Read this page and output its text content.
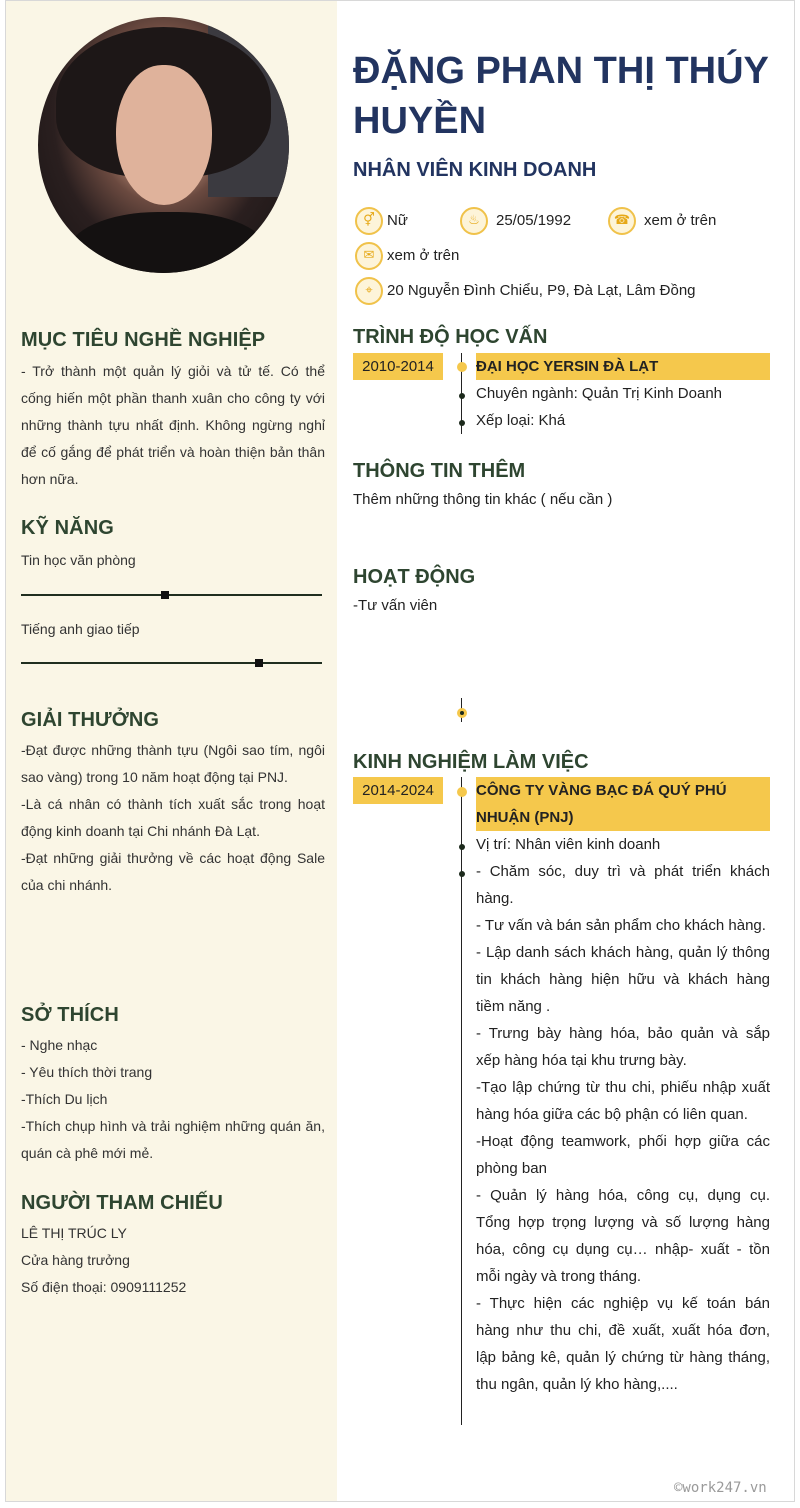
MỤC TIÊU NGHỀ NGHIỆP
- Trở thành một quản lý giỏi và tử tế. Có thể
cống hiến một phần thanh xuân cho công ty với
những thành tựu nhất định. Không ngừng nghỉ
để cố gắng để phát triển và hoàn thiện bản thân
hơn nữa.
KỸ NĂNG
Tin học văn phòng
Tiếng anh giao tiếp
GIẢI THƯỞNG
-Đạt được những thành tựu (Ngôi sao tím, ngôi
sao vàng) trong 10 năm hoạt động tại PNJ.
-Là cá nhân có thành tích xuất sắc trong hoạt
động kinh doanh tại Chi nhánh Đà Lạt.
-Đạt những giải thưởng về các hoạt động Sale
của chi nhánh.
SỞ THÍCH
- Nghe nhạc
- Yêu thích thời trang
-Thích Du lịch
-Thích chụp hình và trải nghiệm những quán ăn,
quán cà phê mới mẻ.
NGƯỜI THAM CHIẾU
LÊ THỊ TRÚC LY
Cửa hàng trưởng
Số điện thoại: 0909111252
ĐẶNG PHAN THỊ THÚY HUYỀN
NHÂN VIÊN KINH DOANH
⚥ Nữ	♨	25/05/1992	☎ xem ở trên
✉ xem ở trên
⌖ 20 Nguyễn Đình Chiểu, P9, Đà Lạt, Lâm Đồng
TRÌNH ĐỘ HỌC VẤN
2010-2014	ĐẠI HỌC YERSIN ĐÀ LẠT
Chuyên ngành: Quản Trị Kinh Doanh
Xếp loại: Khá
THÔNG TIN THÊM
Thêm những thông tin khác ( nếu cần )
HOẠT ĐỘNG
-Tư vấn viên
KINH NGHIỆM LÀM VIỆC
2014-2024	CÔNG TY VÀNG BẠC ĐÁ QUÝ PHÚ
NHUẬN (PNJ)
Vị trí: Nhân viên kinh doanh
- Chăm sóc, duy trì và phát triển khách
hàng.
- Tư vấn và bán sản phẩm cho khách hàng.
- Lập danh sách khách hàng, quản lý thông
tin khách hàng hiện hữu và khách hàng
tiềm năng .
- Trưng bày hàng hóa, bảo quản và sắp
xếp hàng hóa tại khu trưng bày.
-Tạo lập chứng từ thu chi, phiếu nhập xuất
hàng hóa giữa các bộ phận có liên quan.
-Hoạt động teamwork, phối hợp giữa các
phòng ban
- Quản lý hàng hóa, công cụ, dụng cụ.
Tổng hợp trọng lượng và số lượng hàng
hóa, công cụ dụng cụ… nhập- xuất - tồn
mỗi ngày và trong tháng.
- Thực hiện các nghiệp vụ kế toán bán
hàng như thu chi, đề xuất, xuất hóa đơn,
lập bảng kê, quản lý chứng từ hàng tháng,
thu ngân, quản lý kho hàng,....
©work247.vn
